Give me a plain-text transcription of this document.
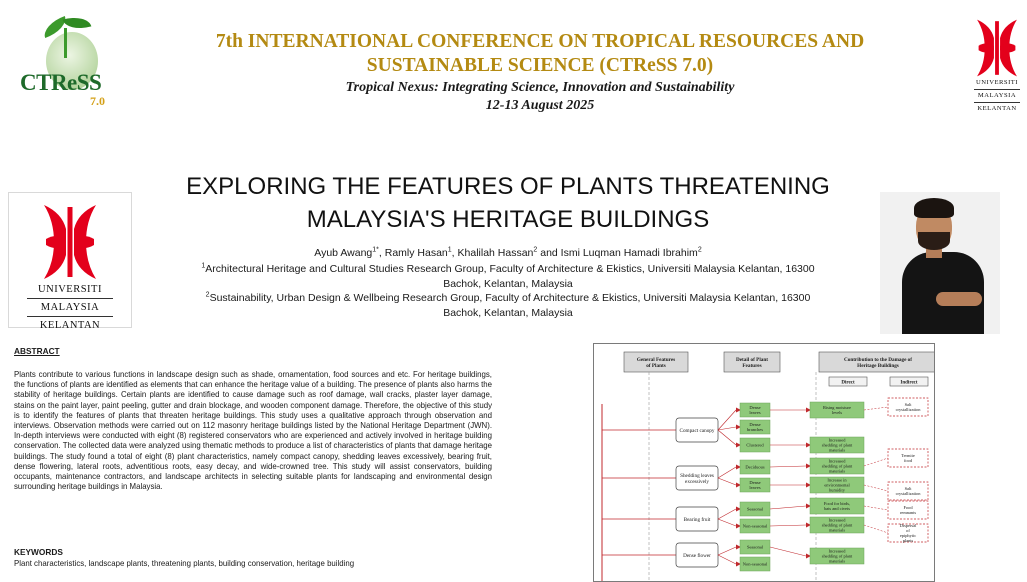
CTReSS
7.0
7th INTERNATIONAL CONFERENCE ON TROPICAL RESOURCES AND SUSTAINABLE SCIENCE (CTReSS 7.0)
Tropical Nexus: Integrating Science, Innovation and Sustainability
12-13 August 2025
UNIVERSITI
MALAYSIA
KELANTAN
UNIVERSITI
MALAYSIA
KELANTAN
EXPLORING THE FEATURES OF PLANTS THREATENING
MALAYSIA'S HERITAGE BUILDINGS
Ayub Awang$^{1*}$, Ramly Hasan$^1$, Khalilah Hassan$^2$ and Ismi Luqman Hamadi Ibrahim$^2$
$^1$Architectural Heritage and Cultural Studies Research Group, Faculty of Architecture & Ekistics, Universiti Malaysia Kelantan, 16300
Bachok, Kelantan, Malaysia
$^2$Sustainability, Urban Design & Wellbeing Research Group, Faculty of Architecture & Ekistics, Universiti Malaysia Kelantan, 16300
Bachok, Kelantan, Malaysia
ABSTRACT
Plants contribute to various functions in landscape design such as shade, ornamentation, food sources and etc. For heritage buildings, the functions of plants are identified as elements that can enhance the heritage value of a building. The presence of plants also harms the stability of heritage buildings. Certain plants are identified to cause damage such as roof damage, wall cracks, plaster layer damage, stains on the paint layer, paint peeling, gutter and drain blockage, and wooden component damage. Therefore, the objective of this study is to identify the features of plants that threaten heritage buildings. This study uses a qualitative approach through observation and interviews. Observation methods were carried out on 112 masonry heritage buildings listed by the National Heritage Department (JWN). In-depth interviews were conducted with eight (8) registered conservators who are experienced and actively involved in heritage building conservation. The collected data were analyzed using thematic methods to produce a list of characteristics of plants that damage heritage buildings. The study found a total of eight (8) plant characteristics, namely compact canopy, shedding leaves excessively, bearing fruit, dense flowering, lateral roots, adventitious roots, easy decay, and wide-crowned tree. This study will assist conservators, building occupants, maintenance contractors, and landscape architects in selecting suitable plants for landscaping and environmental design surrounding heritage buildings in Malaysia.
KEYWORDS
Plant characteristics, landscape plants, threatening plants, building conservation, heritage building
General Features of Plants
Detail of Plant Features
Contribution to the Damage of Heritage Buildings
Direct	Indirect
Compact canopy
Shedding leaves excessively
Bearing fruit
Dense flower
Dense leaves
Dense branches
Clustered
Deciduous
Dense leaves
Seasonal
Non-seasonal
Seasonal
Non-seasonal
Rising moisture levels
Increased shedding of plant materials
Increased shedding of plant materials
Increase in environmental humidity
Food for birds, bats and civets
Increased shedding of plant materials
Increased shedding of plant materials
Salt crystallization
Termite food
Salt crystallization
Food remnants
Dispersal of epiphytic plants
